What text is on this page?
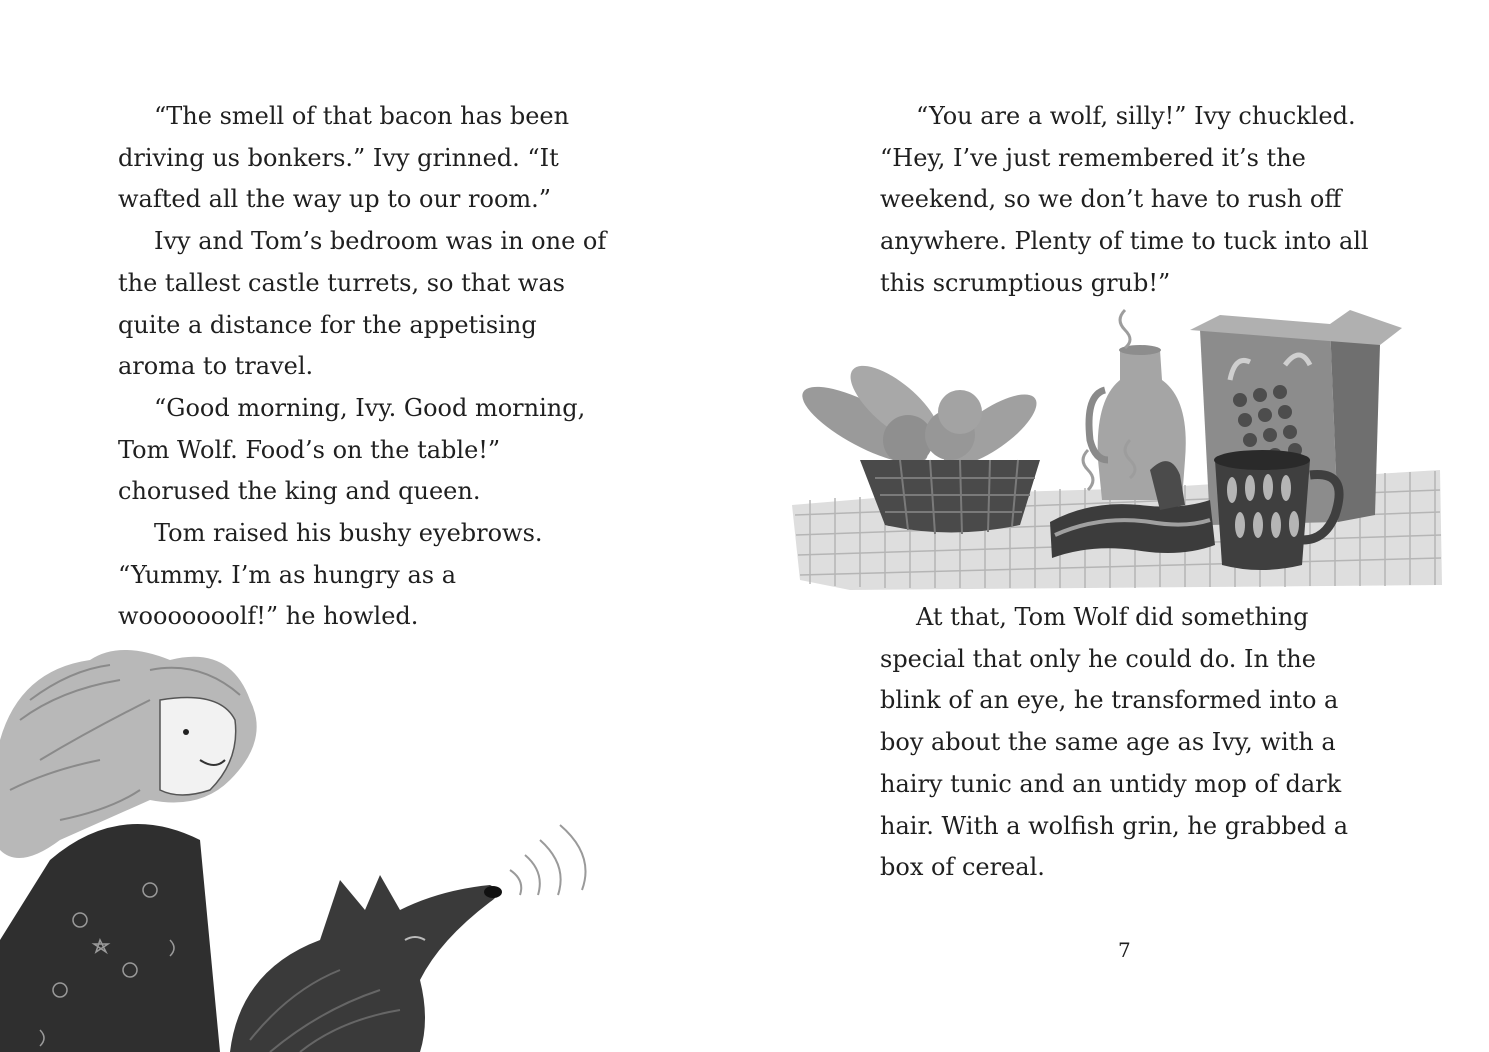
“The smell of that bacon has been driving us bonkers.” Ivy grinned. “It wafted all the way up to our room.”

Ivy and Tom’s bedroom was in one of the tallest castle turrets, so that was quite a distance for the appetising aroma to travel.

“Good morning, Ivy. Good morning, Tom Wolf. Food’s on the table!” chorused the king and queen.

Tom raised his bushy eyebrows. “Yummy. I’m as hungry as a wooooooolf!” he howled.

“You are a wolf, silly!” Ivy chuckled. “Hey, I’ve just remembered it’s the weekend, so we don’t have to rush off anywhere. Plenty of time to tuck into all this scrumptious grub!”

At that, Tom Wolf did something special that only he could do. In the blink of an eye, he transformed into a boy about the same age as Ivy, with a hairy tunic and an untidy mop of dark hair. With a wolfish grin, he grabbed a box of cereal.

7
